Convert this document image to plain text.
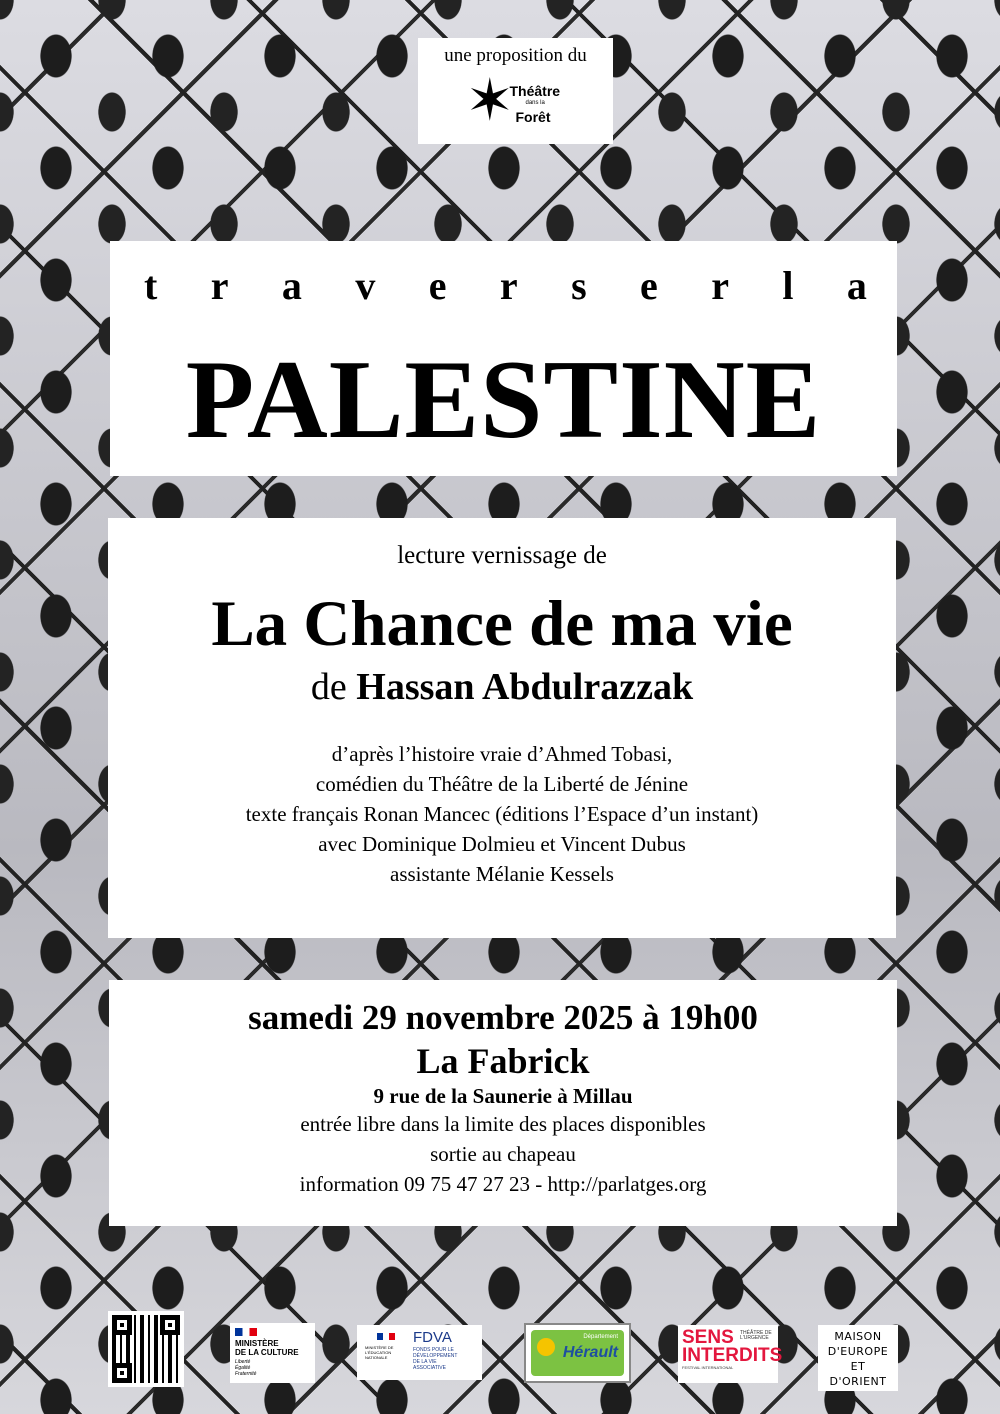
une proposition du
✶
Théâtre
dans la
Forêt
t r a v e r s e r l a
PALESTINE
lecture vernissage de
La Chance de ma vie
de Hassan Abdulrazzak
d’après l’histoire vraie d’Ahmed Tobasi,
comédien du Théâtre de la Liberté de Jénine
texte français Ronan Mancec (éditions l’Espace d’un instant)
avec Dominique Dolmieu et Vincent Dubus
assistante Mélanie Kessels
samedi 29 novembre 2025 à 19h00
La Fabrick
9 rue de la Saunerie à Millau
entrée libre dans la limite des places disponibles
sortie au chapeau
information 09 75 47 27 23 - http://parlatges.org
MINISTÈRE
DE LA CULTURE
Liberté
Égalité
Fraternité
MINISTÈRE DE L'ÉDUCATION NATIONALE
FDVA
FONDS POUR LE
DÉVELOPPEMENT
DE LA VIE
ASSOCIATIVE
Département
Hérault
SENS
INTERDITS
FESTIVAL INTERNATIONAL
THÉÂTRE DE L'URGENCE	MAISON
D'EUROPE
ET D'ORIENT
